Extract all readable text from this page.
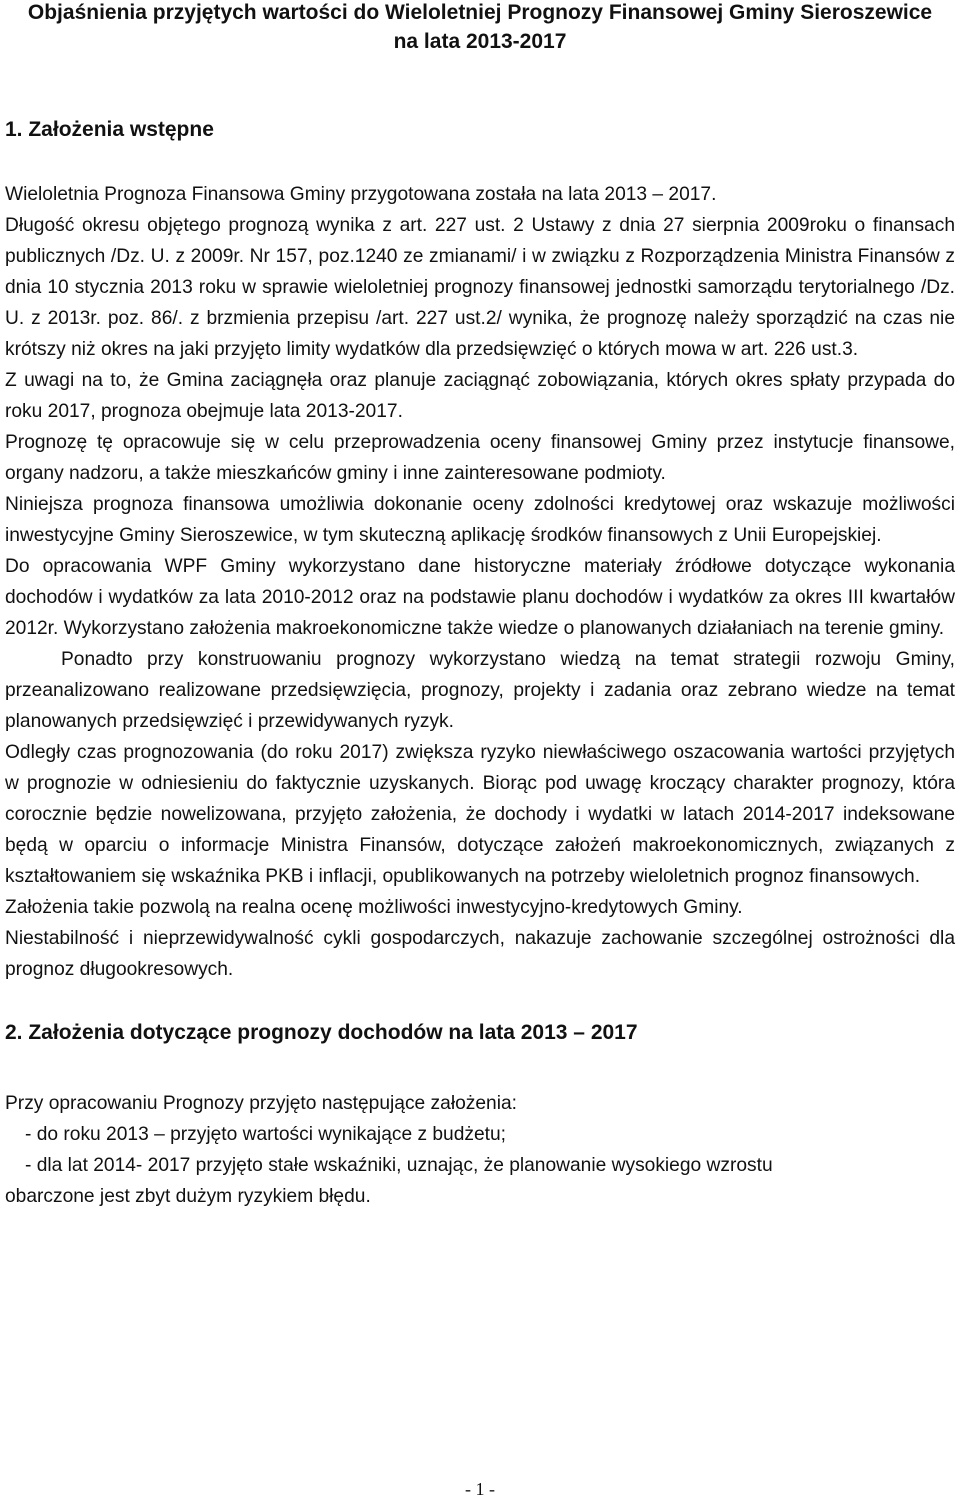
Objaśnienia przyjętych wartości do Wieloletniej Prognozy Finansowej Gminy Sieroszewice
na lata 2013-2017
1. Założenia wstępne

Wieloletnia Prognoza Finansowa Gminy przygotowana została na lata 2013 – 2017.

Długość okresu objętego prognozą wynika z art. 227 ust. 2 Ustawy z dnia 27 sierpnia 2009roku o finansach publicznych /Dz. U. z 2009r. Nr 157, poz.1240 ze zmianami/ i w związku z Rozporządzenia Ministra Finansów z dnia 10 stycznia 2013 roku w sprawie wieloletniej prognozy finansowej jednostki samorządu terytorialnego /Dz. U. z 2013r. poz. 86/. z brzmienia przepisu /art. 227 ust.2/ wynika, że prognozę należy sporządzić na czas nie krótszy niż okres na jaki przyjęto limity wydatków dla przedsięwzięć o których mowa w art. 226 ust.3.

Z uwagi na to, że Gmina zaciągnęła oraz planuje zaciągnąć zobowiązania, których okres spłaty przypada do roku 2017, prognoza obejmuje lata 2013-2017.

Prognozę tę opracowuje się w celu przeprowadzenia oceny finansowej Gminy przez instytucje finansowe, organy nadzoru, a także mieszkańców gminy i inne zainteresowane podmioty.

Niniejsza prognoza finansowa umożliwia dokonanie oceny zdolności kredytowej oraz wskazuje możliwości inwestycyjne Gminy Sieroszewice, w tym skuteczną aplikację środków finansowych z Unii Europejskiej.

Do opracowania WPF Gminy wykorzystano dane historyczne materiały źródłowe dotyczące wykonania dochodów i wydatków za lata 2010-2012 oraz na podstawie planu dochodów i wydatków za okres III kwartałów 2012r. Wykorzystano założenia makroekonomiczne także wiedze o planowanych działaniach na terenie gminy.

Ponadto przy konstruowaniu prognozy wykorzystano wiedzą na temat strategii rozwoju Gminy, przeanalizowano realizowane przedsięwzięcia, prognozy, projekty i zadania oraz zebrano wiedze na temat planowanych przedsięwzięć i przewidywanych ryzyk.

Odległy czas prognozowania (do roku 2017) zwiększa ryzyko niewłaściwego oszacowania wartości przyjętych w prognozie w odniesieniu do faktycznie uzyskanych. Biorąc pod uwagę kroczący charakter prognozy, która corocznie będzie nowelizowana, przyjęto założenia, że dochody i wydatki w latach 2014-2017 indeksowane będą w oparciu o informacje Ministra Finansów, dotyczące założeń makroekonomicznych, związanych z kształtowaniem się wskaźnika PKB i inflacji, opublikowanych na potrzeby wieloletnich prognoz finansowych.

Założenia takie pozwolą na realna ocenę możliwości inwestycyjno-kredytowych Gminy.

Niestabilność i nieprzewidywalność cykli gospodarczych, nakazuje zachowanie szczególnej ostrożności dla prognoz długookresowych.

2. Założenia dotyczące prognozy dochodów na lata 2013 – 2017

Przy opracowaniu Prognozy przyjęto następujące założenia:

- do roku 2013 – przyjęto wartości wynikające z budżetu;
- dla lat 2014- 2017 przyjęto stałe wskaźniki, uznając, że planowanie wysokiego wzrostu
obarczone jest zbyt dużym ryzykiem błędu.
- 1 -
